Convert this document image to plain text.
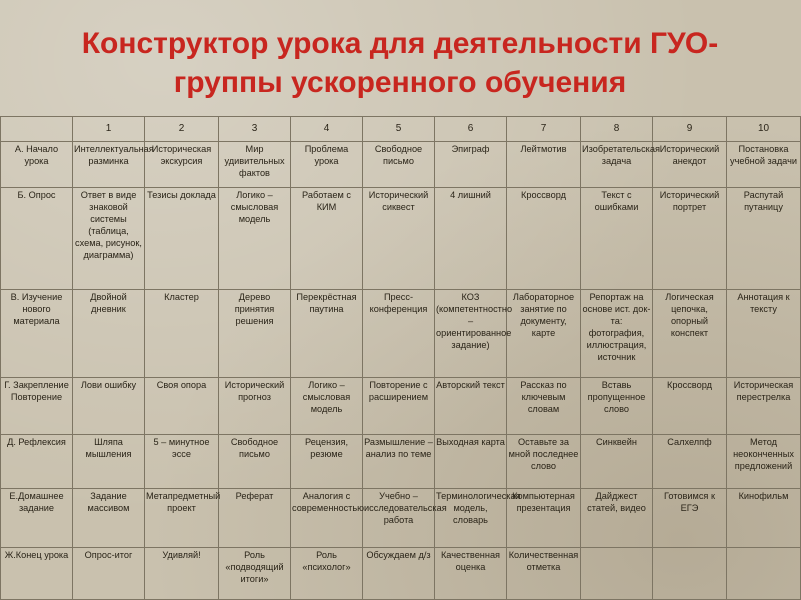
Конструктор урока для деятельности ГУО-
группы ускоренного обучения
	1	2	3	4	5	6	7	8	9	10
А. Начало урока	Интеллектуальная разминка	Историческая экскурсия	Мир удивительных фактов	Проблема урока	Свободное письмо	Эпиграф	Лейтмотив	Изобретательская задача	Исторический анекдот	Постановка учебной задачи
Б. Опрос	Ответ в виде знаковой системы (таблица, схема, рисунок, диаграмма)	Тезисы доклада	Логико – смысловая модель	Работаем с КИМ	Исторический сиквест	4 лишний	Кроссворд	Текст с ошибками	Исторический портрет	Распутай путаницу
В. Изучение нового материала	Двойной дневник	Кластер	Дерево принятия решения	Перекрёстная паутина	Пресс-конференция	КОЗ (компетентностно – ориентированное задание)	Лабораторное занятие по документу, карте	Репортаж на основе ист. док-та: фотография, иллюстрация, источник	Логическая цепочка, опорный конспект	Аннотация к тексту
Г. Закрепление Повторение	Лови ошибку	Своя опора	Исторический прогноз	Логико – смысловая модель	Повторение с расширением	Авторский текст	Рассказ по ключевым словам	Вставь пропущенное слово	Кроссворд	Историческая перестрелка
Д. Рефлексия	Шляпа мышления	5 – минутное эссе	Свободное письмо	Рецензия, резюме	Размышление – анализ по теме	Выходная карта	Оставьте за мной последнее слово	Синквейн	Салхелпф	Метод неоконченных предложений
Е.Домашнее задание	Задание массивом	Метапредметный проект	Реферат	Аналогия с современностью	Учебно – исследовательская работа	Терминологическая модель, словарь	Компьютерная презентация	Дайджест статей, видео	Готовимся к ЕГЭ	Кинофильм
Ж.Конец урока	Опрос-итог	Удивляй!	Роль «подводящий итоги»	Роль «психолог»	Обсуждаем д/з	Качественная оценка	Количественная отметка			
